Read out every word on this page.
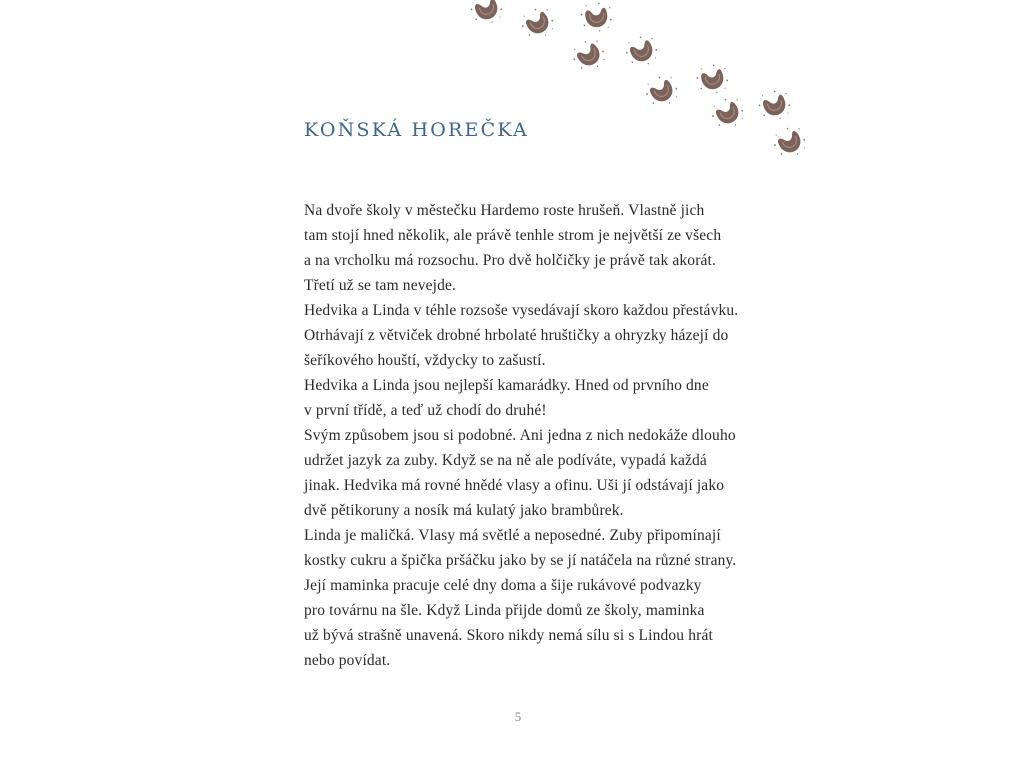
KOŇSKÁ HOREČKA
Na dvoře školy v městečku Hardemo roste hrušeň. Vlastně jich
tam stojí hned několik, ale právě tenhle strom je největší ze všech
a na vrcholku má rozsochu. Pro dvě holčičky je právě tak akorát.
Třetí už se tam nevejde.
Hedvika a Linda v téhle rozsoše vysedávají skoro každou přestávku.
Otrhávají z větviček drobné hrbolaté hruštičky a ohryzky házejí do
šeříkového houští, vždycky to zašustí.
Hedvika a Linda jsou nejlepší kamarádky. Hned od prvního dne
v první třídě, a teď už chodí do druhé!
Svým způsobem jsou si podobné. Ani jedna z nich nedokáže dlouho
udržet jazyk za zuby. Když se na ně ale podíváte, vypadá každá
jinak. Hedvika má rovné hnědé vlasy a ofinu. Uši jí odstávají jako
dvě pětikoruny a nosík má kulatý jako brambůrek.
Linda je maličká. Vlasy má světlé a neposedné. Zuby připomínají
kostky cukru a špička pršáčku jako by se jí natáčela na různé strany.
Její maminka pracuje celé dny doma a šije rukávové podvazky
pro továrnu na šle. Když Linda přijde domů ze školy, maminka
už bývá strašně unavená. Skoro nikdy nemá sílu si s Lindou hrát
nebo povídat.
5
